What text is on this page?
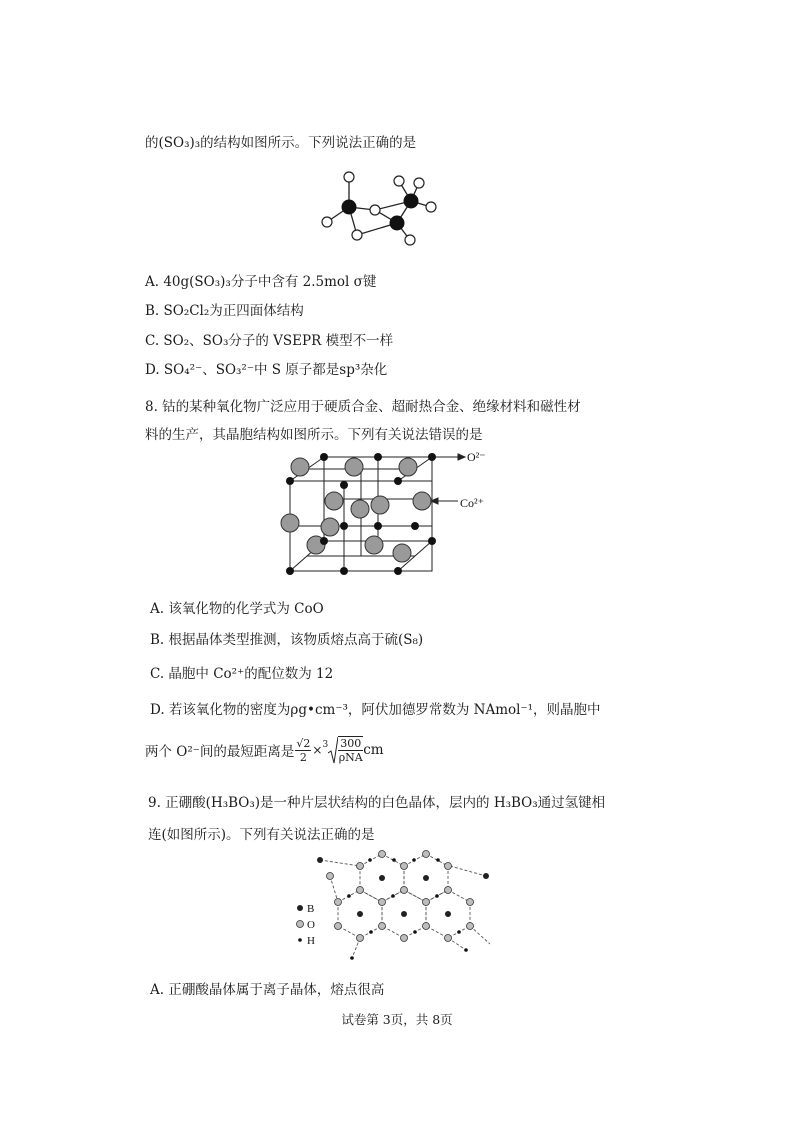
的(SO₃)₃的结构如图所示。下列说法正确的是
A. 40g(SO₃)₃分子中含有 2.5mol σ键
B. SO₂Cl₂为正四面体结构
C. SO₂、SO₃分子的 VSEPR 模型不一样
D. SO₄²⁻、SO₃²⁻中 S 原子都是sp³杂化
8. 钴的某种氧化物广泛应用于硬质合金、超耐热合金、绝缘材料和磁性材
料的生产，其晶胞结构如图所示。下列有关说法错误的是
O²⁻
Co²⁺
A. 该氧化物的化学式为 CoO
B. 根据晶体类型推测，该物质熔点高于硫(S₈)
C. 晶胞中 Co²⁺的配位数为 12
D. 若该氧化物的密度为ρg•cm⁻³，阿伏加德罗常数为 NAmol⁻¹，则晶胞中
两个 O²⁻间的最短距离是 $\frac{√2}{2} \times 3$ 300
ρNA cm
9. 正硼酸(H₃BO₃)是一种片层状结构的白色晶体，层内的 H₃BO₃通过氢键相
连(如图所示)。下列有关说法正确的是
B
O
H
A. 正硼酸晶体属于离子晶体，熔点很高
试卷第 3页，共 8页
